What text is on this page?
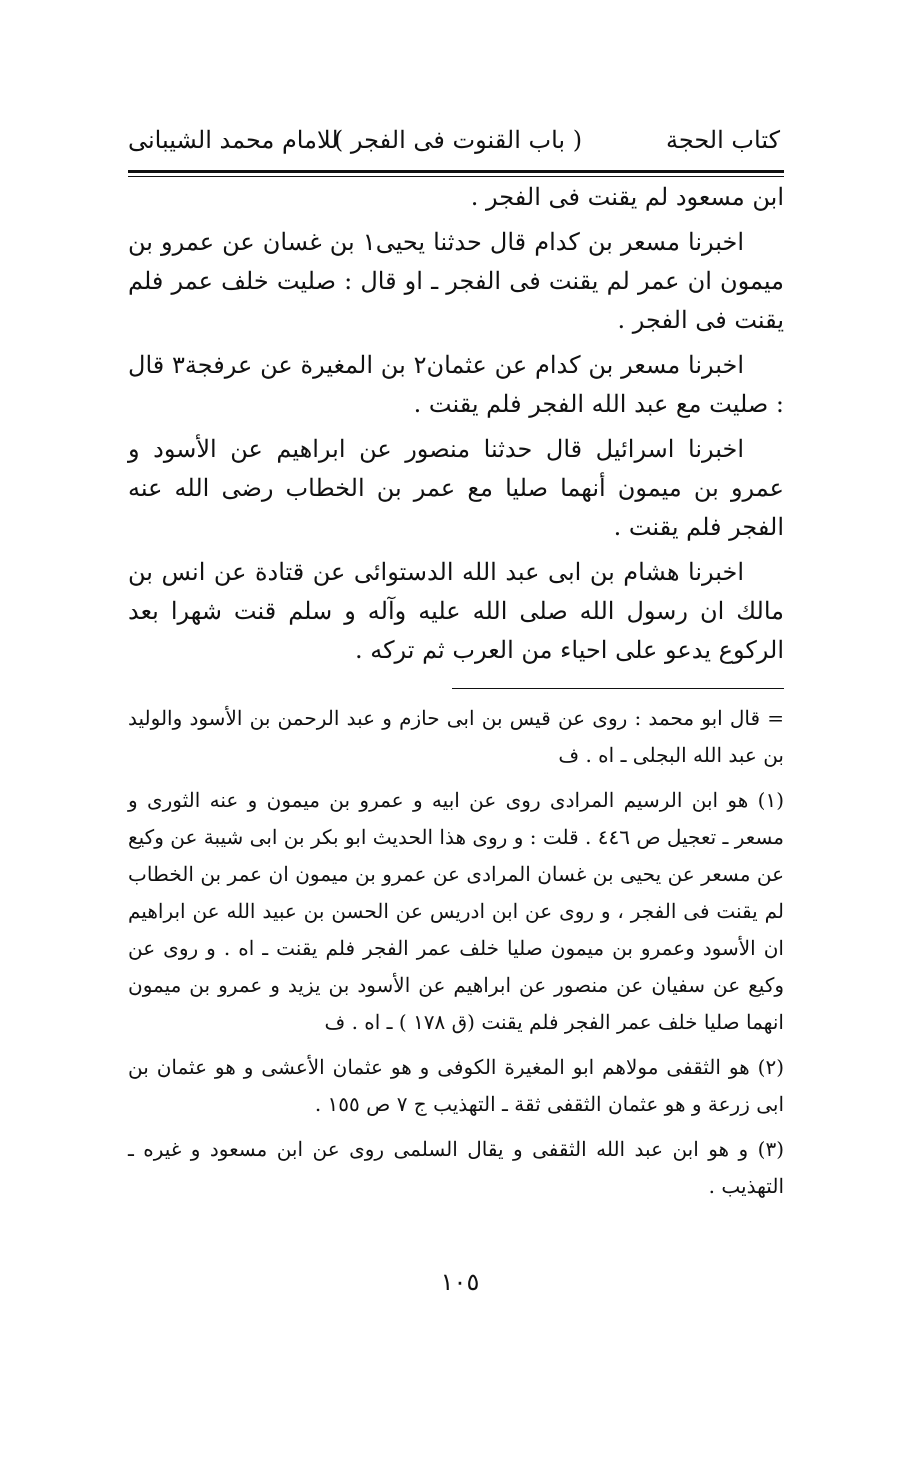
كتاب الحجة
( باب القنوت فى الفجر )
للامام محمد الشيبانى

ابن مسعود لم يقنت فى الفجر .

اخبرنا مسعر بن كدام قال حدثنا يحيى١ بن غسان عن عمرو بن ميمون ان عمر لم يقنت فى الفجر ـ او قال : صليت خلف عمر فلم يقنت فى الفجر .

اخبرنا مسعر بن كدام عن عثمان٢ بن المغيرة عن عرفجة٣ قال : صليت مع عبد الله الفجر فلم يقنت .

اخبرنا اسرائيل قال حدثنا منصور عن ابراهيم عن الأسود و عمرو بن ميمون أنهما صليا مع عمر بن الخطاب رضى الله عنه الفجر فلم يقنت .

اخبرنا هشام بن ابى عبد الله الدستوائى عن قتادة عن انس بن مالك ان رسول الله صلى الله عليه وآله و سلم قنت شهرا بعد الركوع يدعو على احياء من العرب ثم تركه .

= قال ابو محمد : روى عن قيس بن ابى حازم و عبد الرحمن بن الأسود والوليد بن عبد الله البجلى ـ اه . ف

(١) هو ابن الرسيم المرادى روى عن ابيه و عمرو بن ميمون و عنه الثورى و مسعر ـ تعجيل ص ٤٤٦ . قلت : و روى هذا الحديث ابو بكر بن ابى شيبة عن وكيع عن مسعر عن يحيى بن غسان المرادى عن عمرو بن ميمون ان عمر بن الخطاب لم يقنت فى الفجر ، و روى عن ابن ادريس عن الحسن بن عبيد الله عن ابراهيم ان الأسود وعمرو بن ميمون صليا خلف عمر الفجر فلم يقنت ـ اه . و روى عن وكيع عن سفيان عن منصور عن ابراهيم عن الأسود بن يزيد و عمرو بن ميمون انهما صليا خلف عمر الفجر فلم يقنت (ق ١٧٨ ) ـ اه . ف

(٢) هو الثقفى مولاهم ابو المغيرة الكوفى و هو عثمان الأعشى و هو عثمان بن ابى زرعة و هو عثمان الثقفى ثقة ـ التهذيب ج ٧ ص ١٥٥ .

(٣) و هو ابن عبد الله الثقفى و يقال السلمى روى عن ابن مسعود و غيره ـ التهذيب .

١٠٥
